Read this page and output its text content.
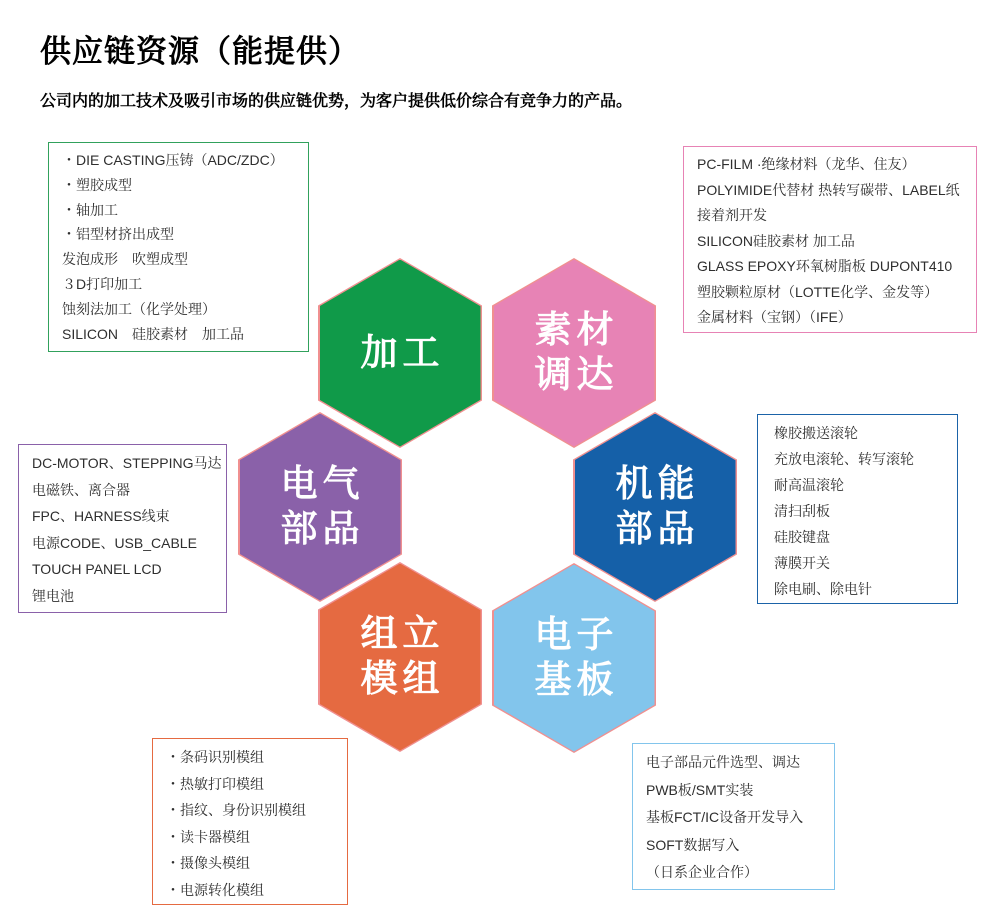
供应链资源（能提供）

公司内的加工技术及吸引市场的供应链优势，为客户提供低价综合有竞争力的产品。

加工
素材
调达
电气
部品
机能
部品
组立
模组
电子
基板
・DIE CASTING压铸（ADC/ZDC）
・塑胶成型
・轴加工
・铝型材挤出成型
发泡成形　吹塑成型
３D打印加工
蚀刻法加工（化学处理）
SILICON　硅胶素材　加工品
PC-FILM ·绝缘材料（龙华、住友）
POLYIMIDE代替材 热转写碳带、LABEL纸
接着剂开发
SILICON硅胶素材 加工品
GLASS EPOXY环氧树脂板 DUPONT410
塑胶颗粒原材（LOTTE化学、金发等）
金属材料（宝钢）（IFE）
DC-MOTOR、STEPPING马达
电磁铁、离合器
FPC、HARNESS线束
电源CODE、USB_CABLE
TOUCH PANEL LCD
锂电池
橡胶搬送滚轮
充放电滚轮、转写滚轮
耐高温滚轮
清扫刮板
硅胶键盘
薄膜开关
除电刷、除电针
・条码识别模组
・热敏打印模组
・指纹、身份识别模组
・读卡器模组
・摄像头模组
・电源转化模组
电子部品元件选型、调达
PWB板/SMT实装
基板FCT/IC设备开发导入
SOFT数据写入
（日系企业合作）
